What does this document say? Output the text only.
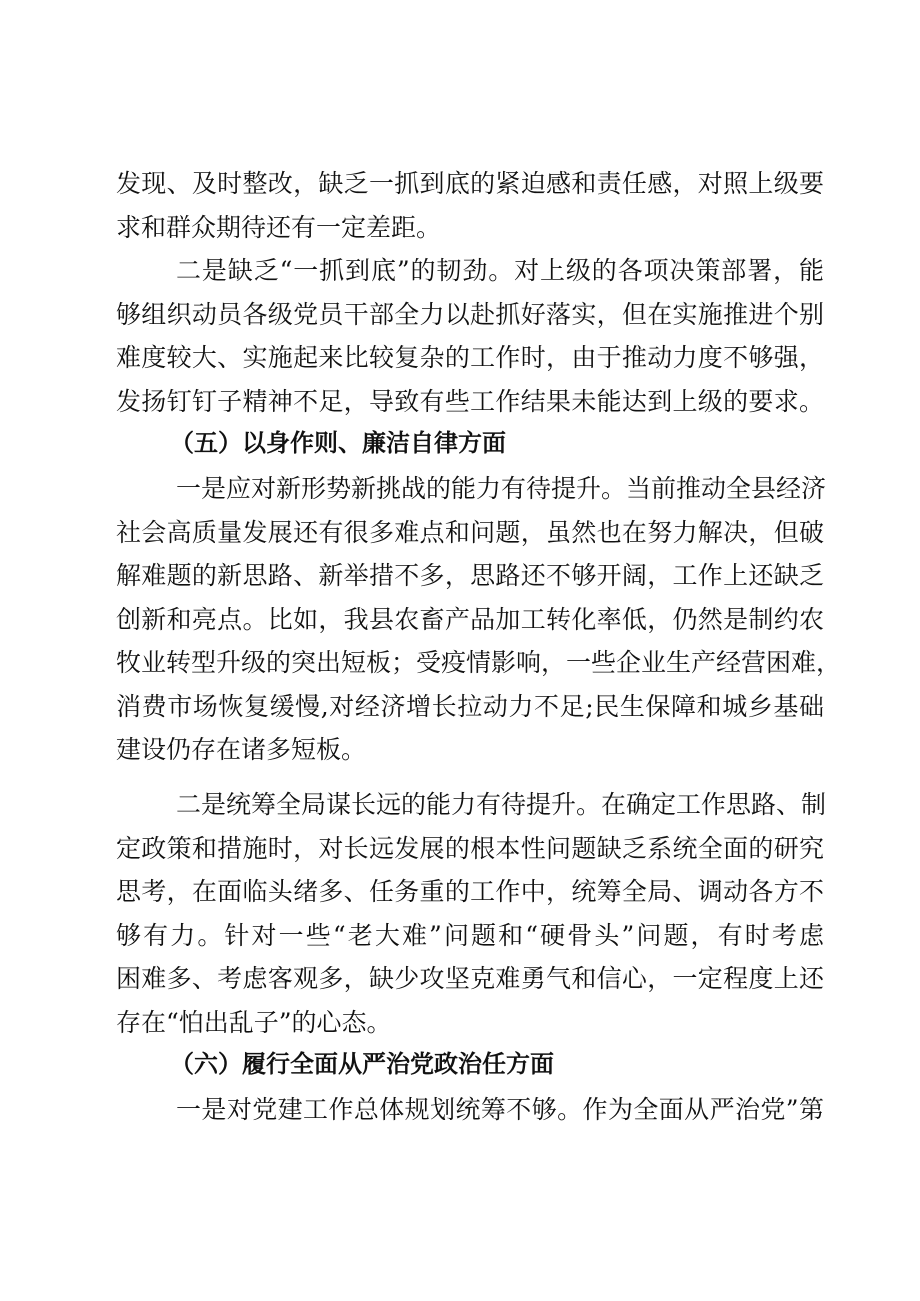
发现、及时整改，缺乏一抓到底的紧迫感和责任感，对照上级要
求和群众期待还有一定差距。
二是缺乏“一抓到底”的韧劲。对上级的各项决策部署，能
够组织动员各级党员干部全力以赴抓好落实，但在实施推进个别
难度较大、实施起来比较复杂的工作时，由于推动力度不够强，
发扬钉钉子精神不足，导致有些工作结果未能达到上级的要求。
（五）以身作则、廉洁自律方面
一是应对新形势新挑战的能力有待提升。当前推动全县经济
社会高质量发展还有很多难点和问题，虽然也在努力解决，但破
解难题的新思路、新举措不多，思路还不够开阔，工作上还缺乏
创新和亮点。比如，我县农畜产品加工转化率低，仍然是制约农
牧业转型升级的突出短板；受疫情影响，一些企业生产经营困难，
消费市场恢复缓慢,对经济增长拉动力不足;民生保障和城乡基础
建设仍存在诸多短板。
二是统筹全局谋长远的能力有待提升。在确定工作思路、制
定政策和措施时，对长远发展的根本性问题缺乏系统全面的研究
思考，在面临头绪多、任务重的工作中，统筹全局、调动各方不
够有力。针对一些“老大难”问题和“硬骨头”问题，有时考虑
困难多、考虑客观多，缺少攻坚克难勇气和信心，一定程度上还
存在“怕出乱子”的心态。
（六）履行全面从严治党政治任方面
一是对党建工作总体规划统筹不够。作为全面从严治党”第
